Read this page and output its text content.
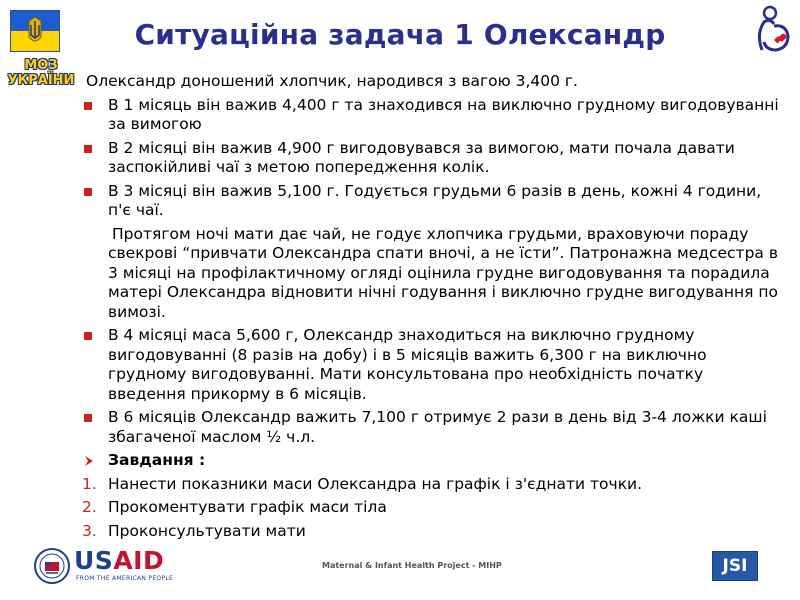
МОЗ
УКРАЇНИ
Ситуаційна задача 1 Олександр

Олександр доношений хлопчик, народився з вагою 3,400 г.

В 1 місяць він важив 4,400 г та знаходився на виключно грудному вигодовуванні за вимогою

В 2 місяці він важив 4,900 г вигодовувався за вимогою, мати почала давати заспокійливі чаї з метою попередження колік.

В 3 місяці він важив 5,100 г. Годується грудьми 6 разів в день, кожні 4 години, п'є чаї.

Протягом ночі мати дає чай, не годує хлопчика грудьми, враховуючи пораду свекрові “привчати Олександра спати вночі, а не їсти”. Патронажна медсестра в 3 місяці на профілактичному огляді оцінила грудне вигодовування та порадила матері Олександра відновити нічні годування і виключно грудне вигодування по вимозі.

В 4 місяці маса 5,600 г, Олександр знаходиться на виключно грудному вигодовуванні (8 разів на добу) і в 5 місяців важить 6,300 г на виключно грудному вигодовуванні. Мати консультована про необхідність початку введення прикорму в 6 місяців.

В 6 місяців Олександр важить 7,100 г отримує 2 рази в день від 3-4 ложки каші збагаченої маслом ½ ч.л.

Завдання :

1. Нанести показники маси Олександра на графік і з'єднати точки.

2. Прокоментувати графік маси тіла

3. Проконсультувати мати

USAID
FROM THE AMERICAN PEOPLE
Maternal & Infant Health Project - MIHP	JSI
